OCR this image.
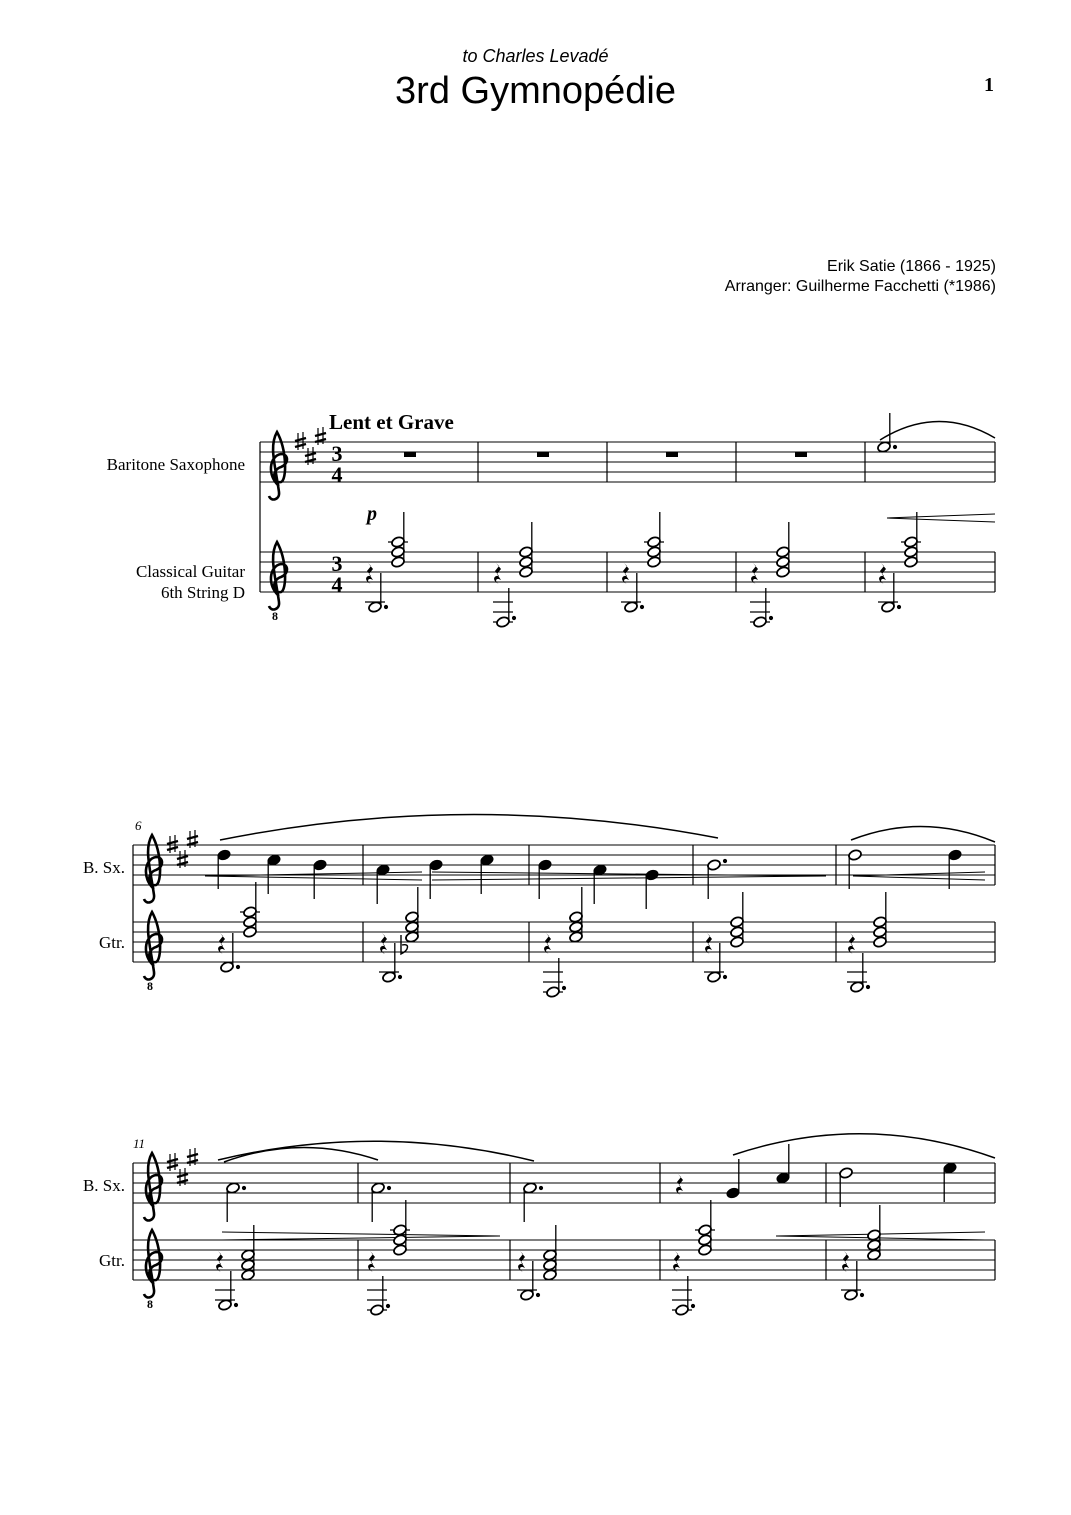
to Charles Levadé
3rd Gymnopédie	1
Erik Satie (1866 - 1925)
Arranger: Guilherme Facchetti (*1986)
Baritone Saxophone
Classical Guitar
6th String D
Lent et Grave
8
3
4
3
4
p
B. Sx.
Gtr.
6
8
B. Sx.
Gtr.
11
8
